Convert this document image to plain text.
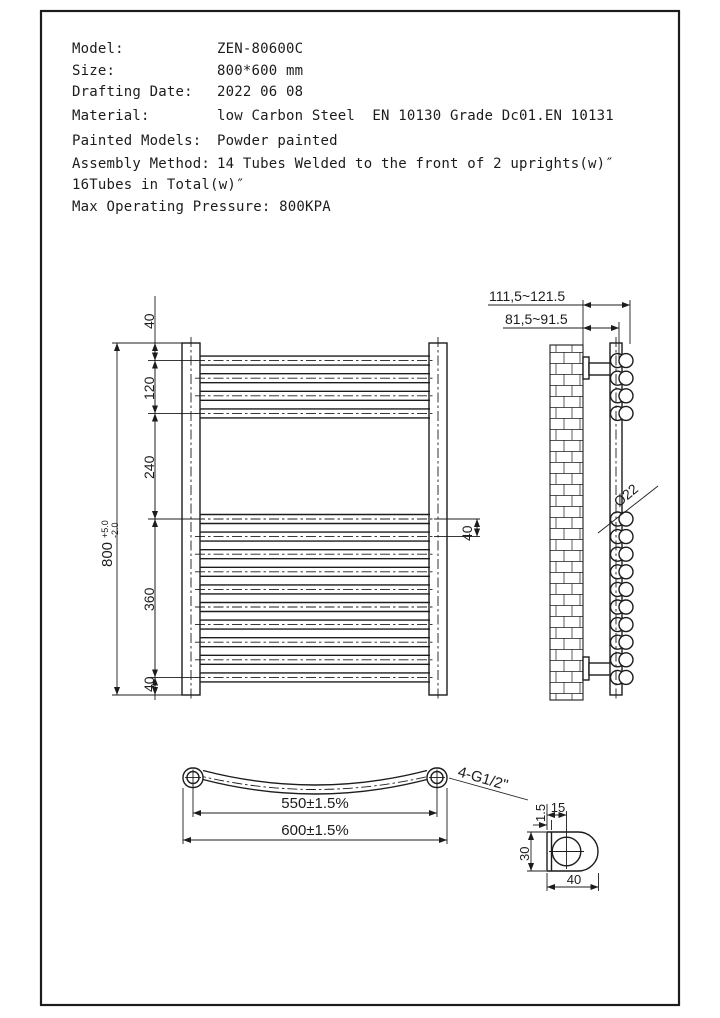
Model:	ZEN-80600C
Size:	800*600 mm
Drafting Date: 2022 06 08
Material:	low Carbon Steel  EN 10130 Grade Dc01.EN 10131
Painted Models: Powder painted
Assembly Method: 14 Tubes Welded to the front of 2 uprights(w)″
16Tubes in Total(w)″
Max Operating Pressure: 800KPA
800
+5.0 -2.0
40
120
240
360
40
40
111,5~121.5
81,5~91.5
Ø22
550±1.5%
600±1.5%
4-G1/2"
1.5 15
30
40
